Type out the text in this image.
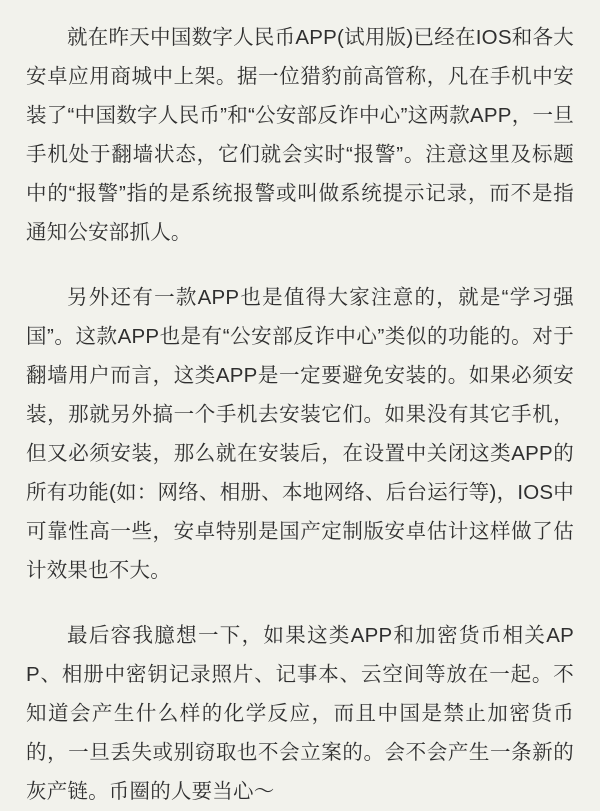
就在昨天中国数字人民币APP(试用版)已经在IOS和各大安卓应用商城中上架。据一位猎豹前高管称，凡在手机中安装了“中国数字人民币”和“公安部反诈中心”这两款APP，一旦手机处于翻墙状态，它们就会实时“报警”。注意这里及标题中的“报警”指的是系统报警或叫做系统提示记录，而不是指通知公安部抓人。

另外还有一款APP也是值得大家注意的，就是“学习强国”。这款APP也是有“公安部反诈中心”类似的功能的。对于翻墙用户而言，这类APP是一定要避免安装的。如果必须安装，那就另外搞一个手机去安装它们。如果没有其它手机，但又必须安装，那么就在安装后，在设置中关闭这类APP的所有功能(如：网络、相册、本地网络、后台运行等)，IOS中可靠性高一些，安卓特别是国产定制版安卓估计这样做了估计效果也不大。

最后容我臆想一下，如果这类APP和加密货币相关APP、相册中密钥记录照片、记事本、云空间等放在一起。不知道会产生什么样的化学反应，而且中国是禁止加密货币的，一旦丢失或别窃取也不会立案的。会不会产生一条新的灰产链。币圈的人要当心～
